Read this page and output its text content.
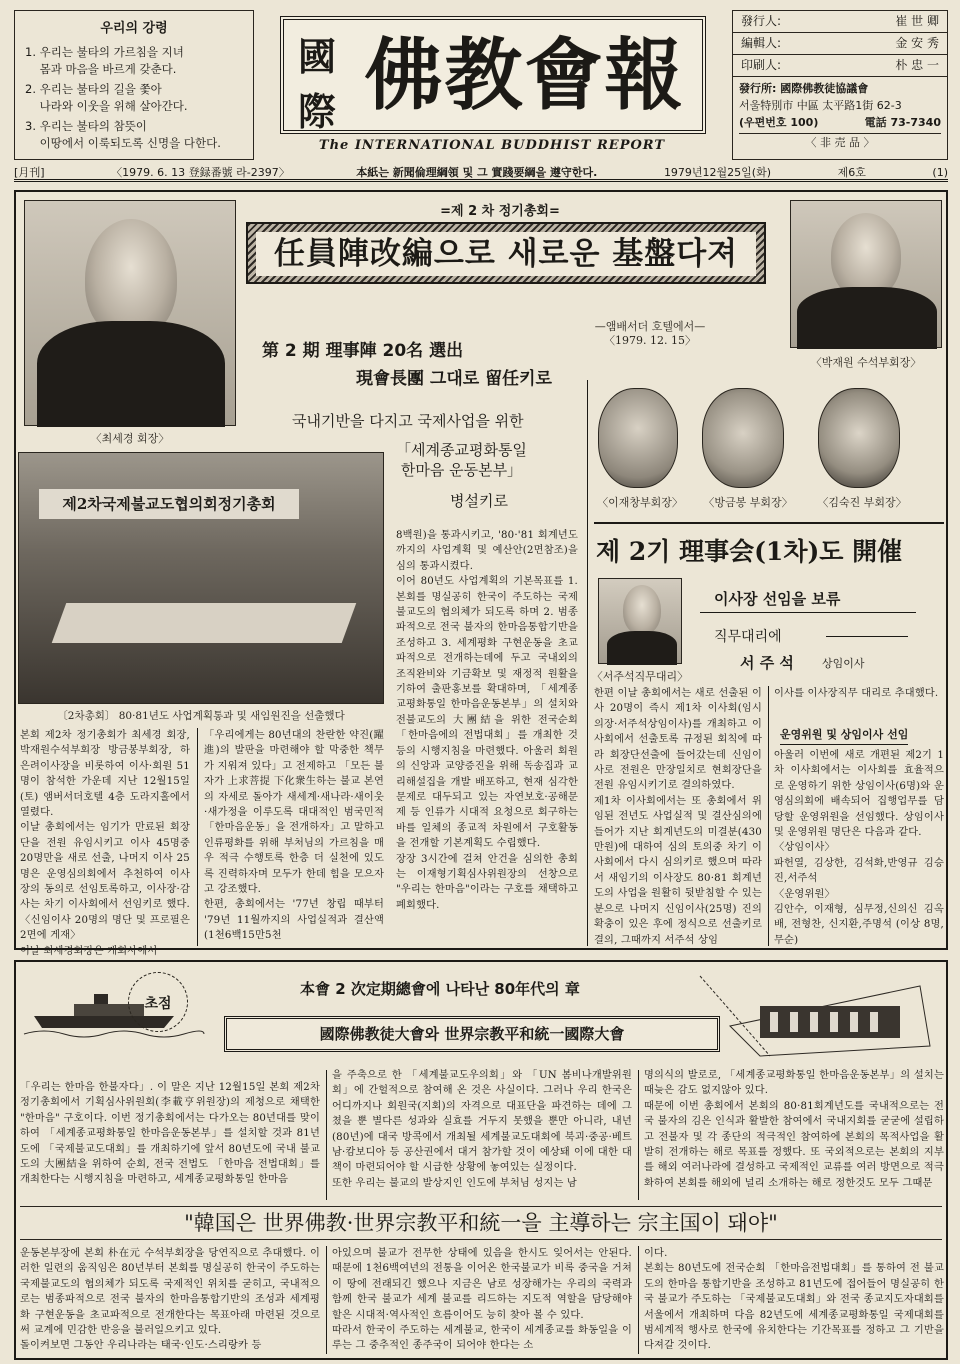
우리의 강령
1. 우리는 불타의 가르침을 지녀
몸과 마음을 바르게 갖춘다.
2. 우리는 불타의 길을 쫓아
나라와 이웃을 위해 살아간다.
3. 우리는 불타의 참뜻이
이땅에서 이룩되도록 신명을 다한다.
國
際 佛教會報
The INTERNATIONAL BUDDHIST REPORT
發行人:	崔 世 卿
編輯人:	金 安 秀
印刷人:	朴 忠 一
發行所: 國際佛教徒協議會
서울特別市 中區 太平路1街 62-3
(우편번호 100)	電話 73-7340
〈 非 売 品 〉
[月刊]	〈1979. 6. 13 登録番號 라-2397〉	本紙는 新聞倫理綱領 및 그 實踐要綱을 遵守한다.	1979년12월25일(화)	제6호	(1)
〈최세경 회장〉
=제 2 차 정기총회=
任員陣改編으로 새로운 基盤다져
—앰배서더 호텔에서—
〈1979. 12. 15〉
第 2 期 理事陣 20名 選出
現會長團 그대로 留任키로
국내기반을 다지고 국제사업을 위한
「세계종교평화통일
한마음 운동본부」
병설키로
〈박재원 수석부회장〉
〈이재창부회장〉	〈방금봉 부회장〉	〈김숙진 부회장〉
제2차국제불교도협의회정기총회
〔2차총회〕 80·81년도 사업계획통과 및 새임원진을 선출했다

본회 제2차 정기총회가 최세경 회장, 박재원수석부회장 방금봉부회장, 하은려이사장을 비롯하여 이사·회원 51명이 참석한 가운데 지난 12월15일(토) 앰버서더호텔 4층 도라지홀에서 열렸다.
이날 총회에서는 임기가 만료된 회장단을 전원 유임시키고 이사 45명중 20명만을 새로 선출, 나머지 이사 25명은 운영심의회에서 추천하여 이사장의 동의로 선임토록하고, 이사장·감사는 차기 이사회에서 선임키로 했다. 〈신임이사 20명의 명단 및 프로필은 2면에 게재〉
이날 최세경회장은 개회사에서

「우리에게는 80년대의 찬란한 약진(躍進)의 발판을 마련해야 할 막중한 책무가 지워져 있다」고 전제하고 「모든 불자가 上求菩提 下化衆生하는 불교 본연의 자세로 돌아가 새세계·새나라·새이웃·새가정을 이루도록 대대적인 범국민적 「한마음운동」을 전개하자」고 말하고 인류평화를 위해 부처님의 가르침을 매우 적극 수행토록 한층 더 실천에 있도록 진력하자며 모두가 한데 힘을 모으자고 강조했다.
한편, 총회에서는 '77년 창립 때부터 '79년 11월까지의 사업실적과 결산액(1천6백15만5천

8백원)을 통과시키고, '80·'81 회계년도까지의 사업계획 및 예산안(2면참조)을 심의 통과시켰다.
이어 80년도 사업계획의 기본목표를 1. 본회를 명실공히 한국이 주도하는 국제불교도의 협의체가 되도록 하며 2. 범종파적으로 전국 불자의 한마음통합기반을 조성하고 3. 세계평화 구현운동을 초교파적으로 전개하는데에 두고 국내외의 조직완비와 기금확보 및 재정적 원활을 기하여 출판홍보를 확대하며, 「세계종교평화통일 한마음운동본부」의 설치와 전불교도의 大團結을 위한 전국순회 「한마음에의 전법대회」를 개최한 것 등의 시행지침을 마련했다. 아울러 회원의 신앙과 교양증진을 위해 독송집과 교리해설집을 개발 배포하고, 현재 심각한 문제로 대두되고 있는 자연보호·공해문제 등 인류가 시대적 요청으로 회구하는 바를 일체의 종교적 차원에서 구호활동을 전개할 기본계획도 수립했다.
장장 3시간에 걸쳐 안건을 심의한 총회는 이재형기획심사위원장의 선창으로 "우리는 한마음"이라는 구호를 채택하고 폐회했다.

제 2기 理事会(1차)도 開催
〈서주석직무대리〉
이사장 선임을 보류
직무대리에
서 주 석	상임이사

한편 이날 총회에서는 새로 선출된 이사 20명이 즉시 제1차 이사회(임시의장·서주석상임이사)를 개최하고 이사회에서 선출토록 규정된 회칙에 따라 회장단선출에 들어갔는데 신임이사로 전원은 만장일치로 현회장단을 전원 유임시키기로 결의하였다.
제1차 이사회에서는 또 총회에서 위임된 전년도 사업실적 및 결산심의에 들어가 지난 회계년도의 미결분(430만원)에 대하여 심의 토의중 차기 이사회에서 다시 심의키로 했으며 따라서 새임기의 이사장도 80·81 회계년도의 사업을 원활히 뒷받침할 수 있는 분으로 나머지 신임이사(25명) 진의 확충이 있은 후에 정식으로 선출키로 결의, 그때까지 서주석 상임

이사를 이사장직무 대리로 추대했다.

운영위원 및 상임이사 선임

아울러 이번에 새로 개편된 제2기 1차 이사회에서는 이사회를 효율적으로 운영하기 위한 상임이사(6명)와 운영심의회에 배속되어 집행업무를 담당할 운영위원을 선임했다. 상임이사 및 운영위원 명단은 다음과 같다.
〈상임이사〉
파헌열, 김상한, 김석화,반영규 김승진,서주석
〈운영위원〉
김안수, 이재형, 심무정,신의신 김옥배, 전형찬, 신지환,주명석 (이상 8명, 무순)

초점
本會 2 次定期總會에 나타난 80年代의 章
國際佛教徒大會와 世界宗教平和統一國際大會

「우리는 한마음 한불자다」. 이 말은 지난 12월15일 본회 제2차 정기총회에서 기획심사위원회(李載亨위원장)의 제청으로 채택한 "한마음" 구호이다. 이번 정기총회에서는 다가오는 80년대를 맞이하여 「세계종교평화통일 한마음운동본부」를 설치할 것과 81년도에 「국제불교도대회」를 개최하기에 앞서 80년도에 국내 불교도의 大團結을 위하여 순회, 전국 전법도 「한마음 전법대회」를 개최한다는 시행지침을 마련하고, 세계종교평화통일 한마음

을 주축으로 한 「세계불교도우의회」와 「UN 봄비나개발위원회」에 간헐적으로 참여해 온 것은 사실이다. 그러나 우리 한국은 어디까지나 회원국(지회)의 자격으로 대표단을 파견하는 데에 그쳤을 뿐 별다른 성과와 실효를 거두지 못했을 뿐만 아니라, 내년(80년)에 대국 방콕에서 개최될 세계불교도대회에 북괴·중공·베트남·캄보디아 등 공산권에서 대거 참가할 것이 예상돼 이에 대한 대책이 마련되어야 할 시급한 상황에 놓여있는 실정이다.
또한 우리는 불교의 발상지인 인도에 부처님 성지는 남

명의식의 발로로, 「세계종교평화통일 한마음운동본부」의 설치는 때늦은 감도 없지않아 있다.
때문에 이번 총회에서 본회의 80·81회계년도를 국내적으로는 전국 불자의 김은 인식과 활발한 참여에서 국내지회를 굳굳에 설립하고 전불자 및 각 종단의 적극적인 참여하에 본회의 목적사업을 활발히 전개하는 해로 목표를 정했다. 또 국외적으로는 본회의 지부를 해외 여러나라에 결성하고 국제적인 교류를 여러 방면으로 적극화하여 본회를 해외에 널리 소개하는 해로 정한것도 모두 그때문

"韓国은 世界佛教·世界宗教平和統一을 主導하는 宗主国이 돼야"

운동본부장에 본회 朴在元 수석부회장을 당연직으로 추대했다. 이러한 일련의 움직임은 80년부터 본회를 명실공히 한국이 주도하는 국제불교도의 협의체가 되도록 국제적인 위치를 굳히고, 국내적으로는 범종파적으로 전국 불자의 한마음통합기반의 조성과 세계평화 구현운동을 초교파적으로 전개한다는 목표아래 마련된 것으로써 교계에 민감한 반응을 불러일으키고 있다.
돌이켜보면 그동안 우리나라는 태국·인도·스리랑카 등

아있으며 불교가 전무한 상태에 있음을 한시도 잊어서는 안된다. 때문에 1천6백여년의 전통을 이어온 한국불교가 비록 중국을 거쳐 이 땅에 전래되긴 했으나 지금은 남로 성장해가는 우리의 국력과 함께 한국 불교가 세계 불교를 리드하는 지도적 역할을 담당해야 할은 시대적·역사적인 흐름이어도 능히 찾아 볼 수 있다.
따라서 한국이 주도하는 세계불교, 한국이 세계종교를 화동일을 이루는 그 중추적인 종주국이 되어야 한다는 소

이다.
본회는 80년도에 전국순회 「한마음전법대회」를 통하여 전 불교도의 한마음 통합기반을 조성하고 81년도에 접어들어 명실공히 한국 불교가 주도하는 「국제불교도대회」와 전국 종교지도자대회를 서울에서 개최하며 다음 82년도에 세계종교평화통일 국제대회를 범세계적 행사로 한국에 유치한다는 기간목표를 정하고 그 기반을 다져갈 것이다.
